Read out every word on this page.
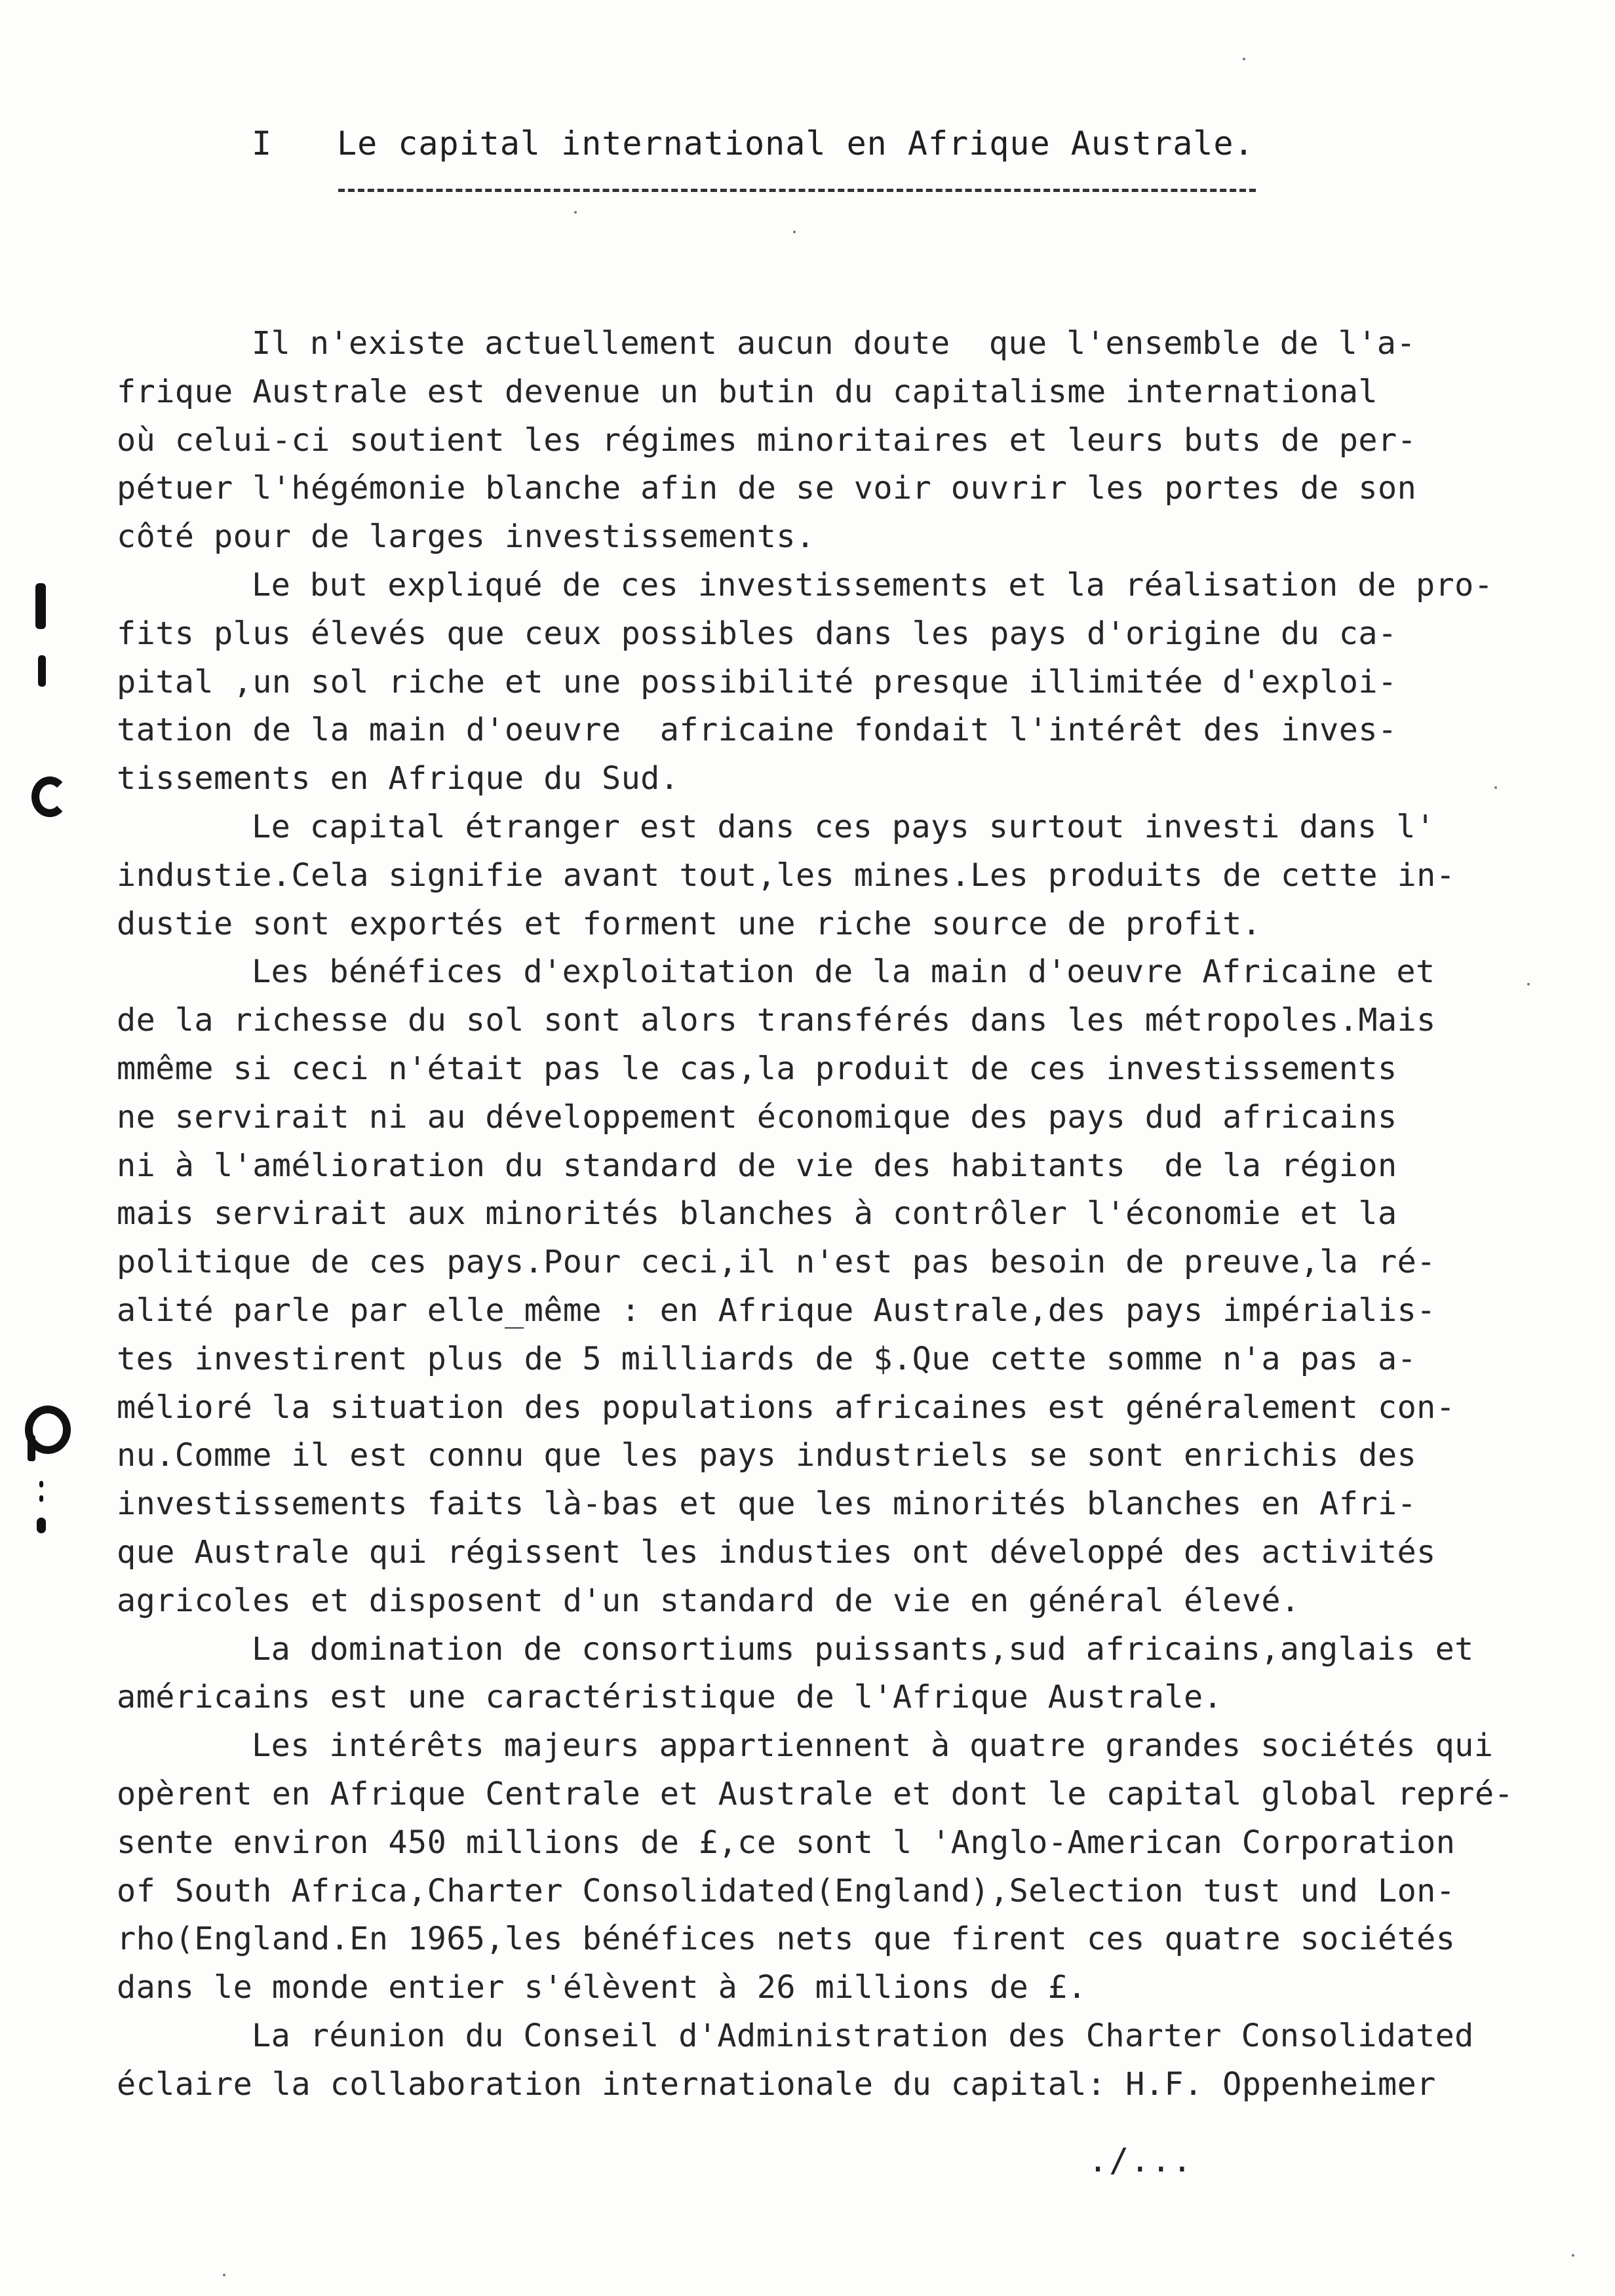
I Le capital international en Afrique Australe.
Il n'existe actuellement aucun doute  que l'ensemble de l'a-
frique Australe est devenue un butin du capitalisme international
où celui-ci soutient les régimes minoritaires et leurs buts de per-
pétuer l'hégémonie blanche afin de se voir ouvrir les portes de son
côté pour de larges investissements.
Le but expliqué de ces investissements et la réalisation de pro-
fits plus élevés que ceux possibles dans les pays d'origine du ca-
pital ,un sol riche et une possibilité presque illimitée d'exploi-
tation de la main d'oeuvre  africaine fondait l'intérêt des inves-
tissements en Afrique du Sud.
Le capital étranger est dans ces pays surtout investi dans l'
industie.Cela signifie avant tout,les mines.Les produits de cette in-
dustie sont exportés et forment une riche source de profit.
Les bénéfices d'exploitation de la main d'oeuvre Africaine et
de la richesse du sol sont alors transférés dans les métropoles.Mais
mmême si ceci n'était pas le cas,la produit de ces investissements
ne servirait ni au développement économique des pays dud africains
ni à l'amélioration du standard de vie des habitants  de la région
mais servirait aux minorités blanches à contrôler l'économie et la
politique de ces pays.Pour ceci,il n'est pas besoin de preuve,la ré-
alité parle par elle_même : en Afrique Australe,des pays impérialis-
tes investirent plus de 5 milliards de $.Que cette somme n'a pas a-
mélioré la situation des populations africaines est généralement con-
nu.Comme il est connu que les pays industriels se sont enrichis des
investissements faits là-bas et que les minorités blanches en Afri-
que Australe qui régissent les industies ont développé des activités
agricoles et disposent d'un standard de vie en général élevé.
La domination de consortiums puissants,sud africains,anglais et
américains est une caractéristique de l'Afrique Australe.
Les intérêts majeurs appartiennent à quatre grandes sociétés qui
opèrent en Afrique Centrale et Australe et dont le capital global repré-
sente environ 450 millions de £,ce sont l 'Anglo-American Corporation
of South Africa,Charter Consolidated(England),Selection tust und Lon-
rho(England.En 1965,les bénéfices nets que firent ces quatre sociétés
dans le monde entier s'élèvent à 26 millions de £.
La réunion du Conseil d'Administration des Charter Consolidated
éclaire la collaboration internationale du capital: H.F. Oppenheimer
./...
